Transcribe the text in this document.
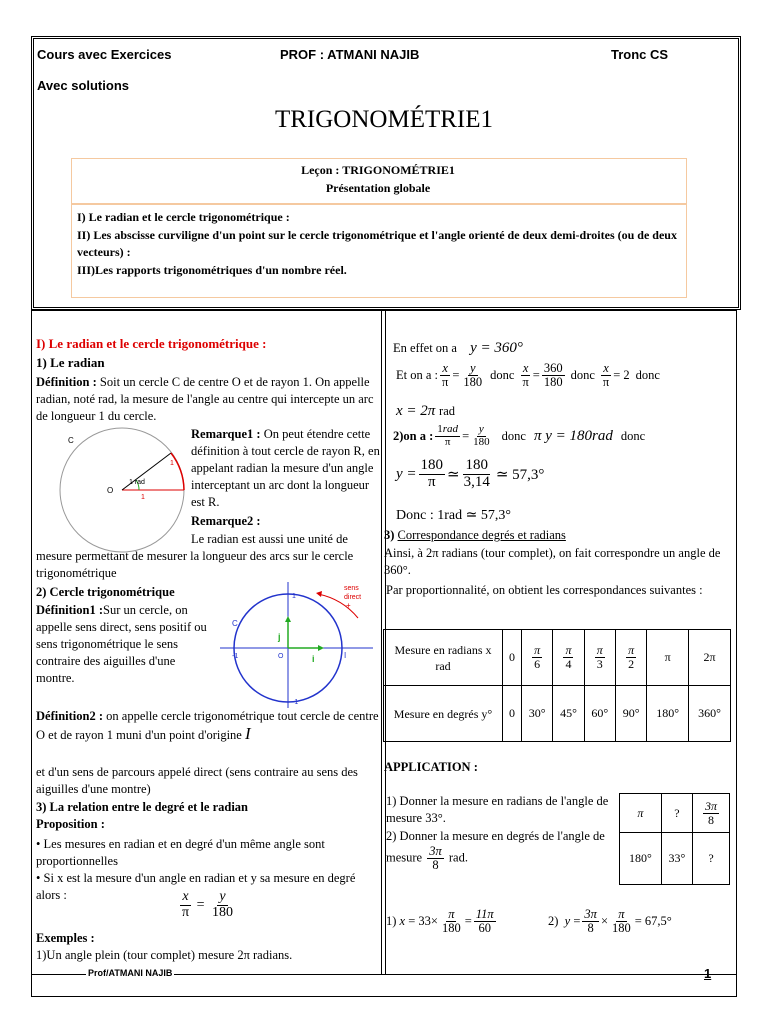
Cours avec Exercices	PROF : ATMANI NAJIB	Tronc CS
Avec solutions
TRIGONOMÉTRIE1
Leçon : TRIGONOMÉTRIE1
Présentation globale
I) Le radian et le cercle trigonométrique :
II) Les abscisse curviligne d'un point sur le cercle trigonométrique et l'angle orienté de deux demi-droites (ou de deux vecteurs) :
III)Les rapports trigonométriques d'un nombre réel.
I) Le radian et le cercle trigonométrique :
1) Le radian
Définition : Soit un cercle C de centre O et de rayon 1. On appelle radian, noté rad, la mesure de l'angle au centre qui intercepte un arc de longueur 1 du cercle.
C
O
1 rad
1
1
Remarque1 : On peut étendre cette définition à tout cercle de rayon R, en appelant radian la mesure d'un angle interceptant un arc dont la longueur est R.
Remarque2 :
Le radian est aussi une unité de mesure permettant de mesurer la longueur des arcs sur le cercle trigonométrique
2) Cercle trigonométrique
Définition1 :Sur un cercle, on appelle sens direct, sens positif ou sens trigonométrique le sens contraire des aiguilles d'une montre.
sens
direct
+
C
I
j
i
O
-1
1
-1
Définition2 : on appelle cercle trigonométrique tout cercle de centre O et de rayon 1 muni d'un point d'origine I
et d'un sens de parcours appelé direct (sens contraire au sens des aiguilles d'une montre)
3) La relation entre le degré et le radian
Proposition :
• Les mesures en radian et en degré d'un même angle sont proportionnelles
• Si x est la mesure d'un angle en radian et y sa mesure en degré alors :	$\frac{x}{\pi} = \frac{y}{180}$
Exemples :
1)Un angle plein (tour complet) mesure 2π radians.
En effet on a y = 360°
Et on a : $\frac{x}{\pi} = \frac{y}{180}$ donc $\frac{x}{\pi} = \frac{360}{180}$ donc $\frac{x}{\pi} = 2$ donc
x = 2π rad
2)on a : $\frac{\text{1rad}}{\pi} = \frac{y}{180}$ donc π y = 180rad donc
$y = \frac{180}{\pi}$ ≃ $\frac{180}{3,14}$ ≃ 57,3°
Donc : 1rad ≃ 57,3°
3) Correspondance degrés et radians
Ainsi, à 2π radians (tour complet), on fait correspondre un angle de 360°.
Par proportionnalité, on obtient les correspondances suivantes :
Mesure en radians x rad	0	$\frac{\pi}{6}$	$\frac{\pi}{4}$	$\frac{\pi}{3}$	$\frac{\pi}{2}$	π	2π
Mesure en degrés y°	0	30°	45°	60°	90°	180°	360°
APPLICATION :
1) Donner la mesure en radians de l'angle de mesure 33°.
2) Donner la mesure en degrés de l'angle de mesure $\frac{3\pi}{8}$ rad.
π	?	$\frac{3\pi}{8}$

180°	33°	?
1) $x = 33\times \frac{\pi}{180} = \frac{11\pi}{60}$	2)  $y = \frac{3\pi}{8} \times \frac{\pi}{180} = 67,5^\circ$
Prof/ATMANI NAJIB	1
